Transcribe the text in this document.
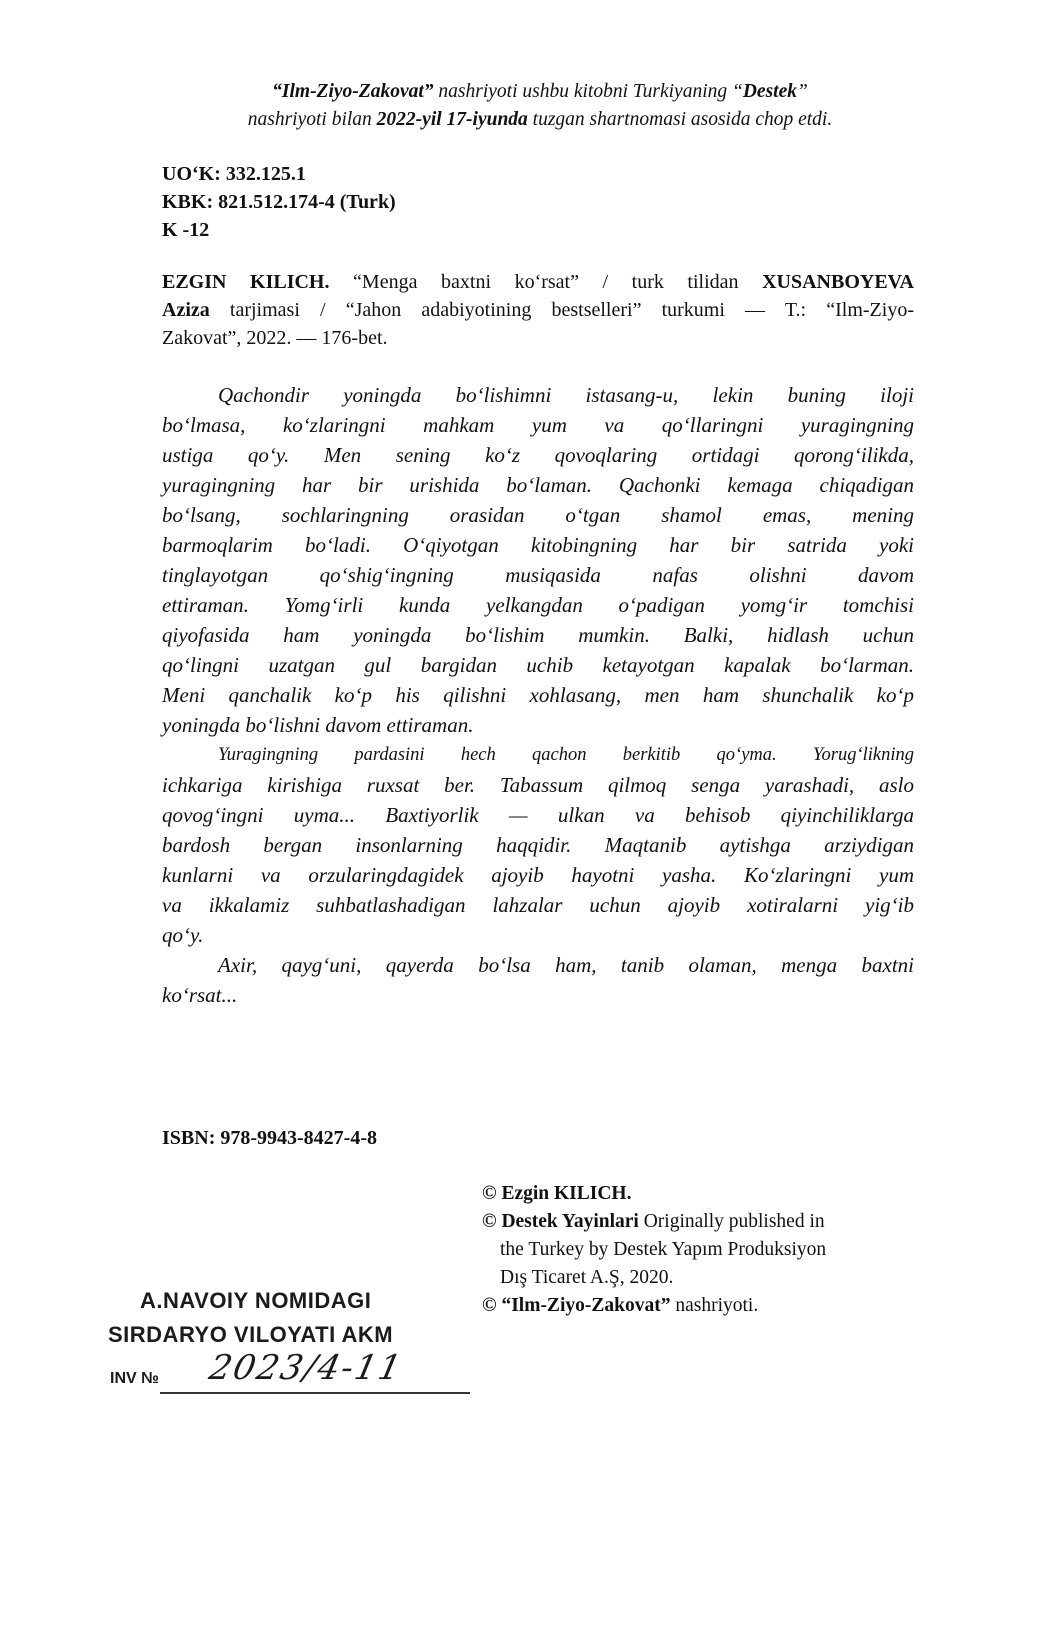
“Ilm-Ziyo-Zakovat” nashriyoti ushbu kitobni Turkiyaning “Destek”
nashriyoti bilan 2022-yil 17-iyunda tuzgan shartnomasi asosida chop etdi.
UO‘K: 332.125.1
KBK: 821.512.174-4 (Turk)
K -12
EZGIN KILICH. “Menga baxtni ko‘rsat” / turk tilidan XUSANBOYEVA
Aziza tarjimasi / “Jahon adabiyotining bestselleri” turkumi — T.: “Ilm-Ziyo-
Zakovat”, 2022. — 176-bet.
Qachondir yoningda bo‘lishimni istasang-u, lekin buning iloji
bo‘lmasa, ko‘zlaringni mahkam yum va qo‘llaringni yuragingning
ustiga qo‘y. Men sening ko‘z qovoqlaring ortidagi qorong‘ilikda,
yuragingning har bir urishida bo‘laman. Qachonki kemaga chiqadigan
bo‘lsang, sochlaringning orasidan o‘tgan shamol emas, mening
barmoqlarim bo‘ladi. O‘qiyotgan kitobingning har bir satrida yoki
tinglayotgan qo‘shig‘ingning musiqasida nafas olishni davom
ettiraman. Yomg‘irli kunda yelkangdan o‘padigan yomg‘ir tomchisi
qiyofasida ham yoningda bo‘lishim mumkin. Balki, hidlash uchun
qo‘lingni uzatgan gul bargidan uchib ketayotgan kapalak bo‘larman.
Meni qanchalik ko‘p his qilishni xohlasang, men ham shunchalik ko‘p
yoningda bo‘lishni davom ettiraman.
Yuragingning pardasini hech qachon berkitib qo‘yma. Yorug‘likning
ichkariga kirishiga ruxsat ber. Tabassum qilmoq senga yarashadi, aslo
qovog‘ingni uyma... Baxtiyorlik — ulkan va behisob qiyinchiliklarga
bardosh bergan insonlarning haqqidir. Maqtanib aytishga arziydigan
kunlarni va orzularingdagidek ajoyib hayotni yasha. Ko‘zlaringni yum
va ikkalamiz suhbatlashadigan lahzalar uchun ajoyib xotiralarni yig‘ib
qo‘y.
Axir, qayg‘uni, qayerda bo‘lsa ham, tanib olaman, menga baxtni
ko‘rsat...
ISBN: 978-9943-8427-4-8
© Ezgin KILICH.
© Destek Yayinlari Originally published in
the Turkey by Destek Yapım Produksiyon
Dış Ticaret A.Ş, 2020.
© “Ilm-Ziyo-Zakovat” nashriyoti.
A.NAVOIY NOMIDAGI
SIRDARYO VILOYATI AKM
INV № 2023/4-11
